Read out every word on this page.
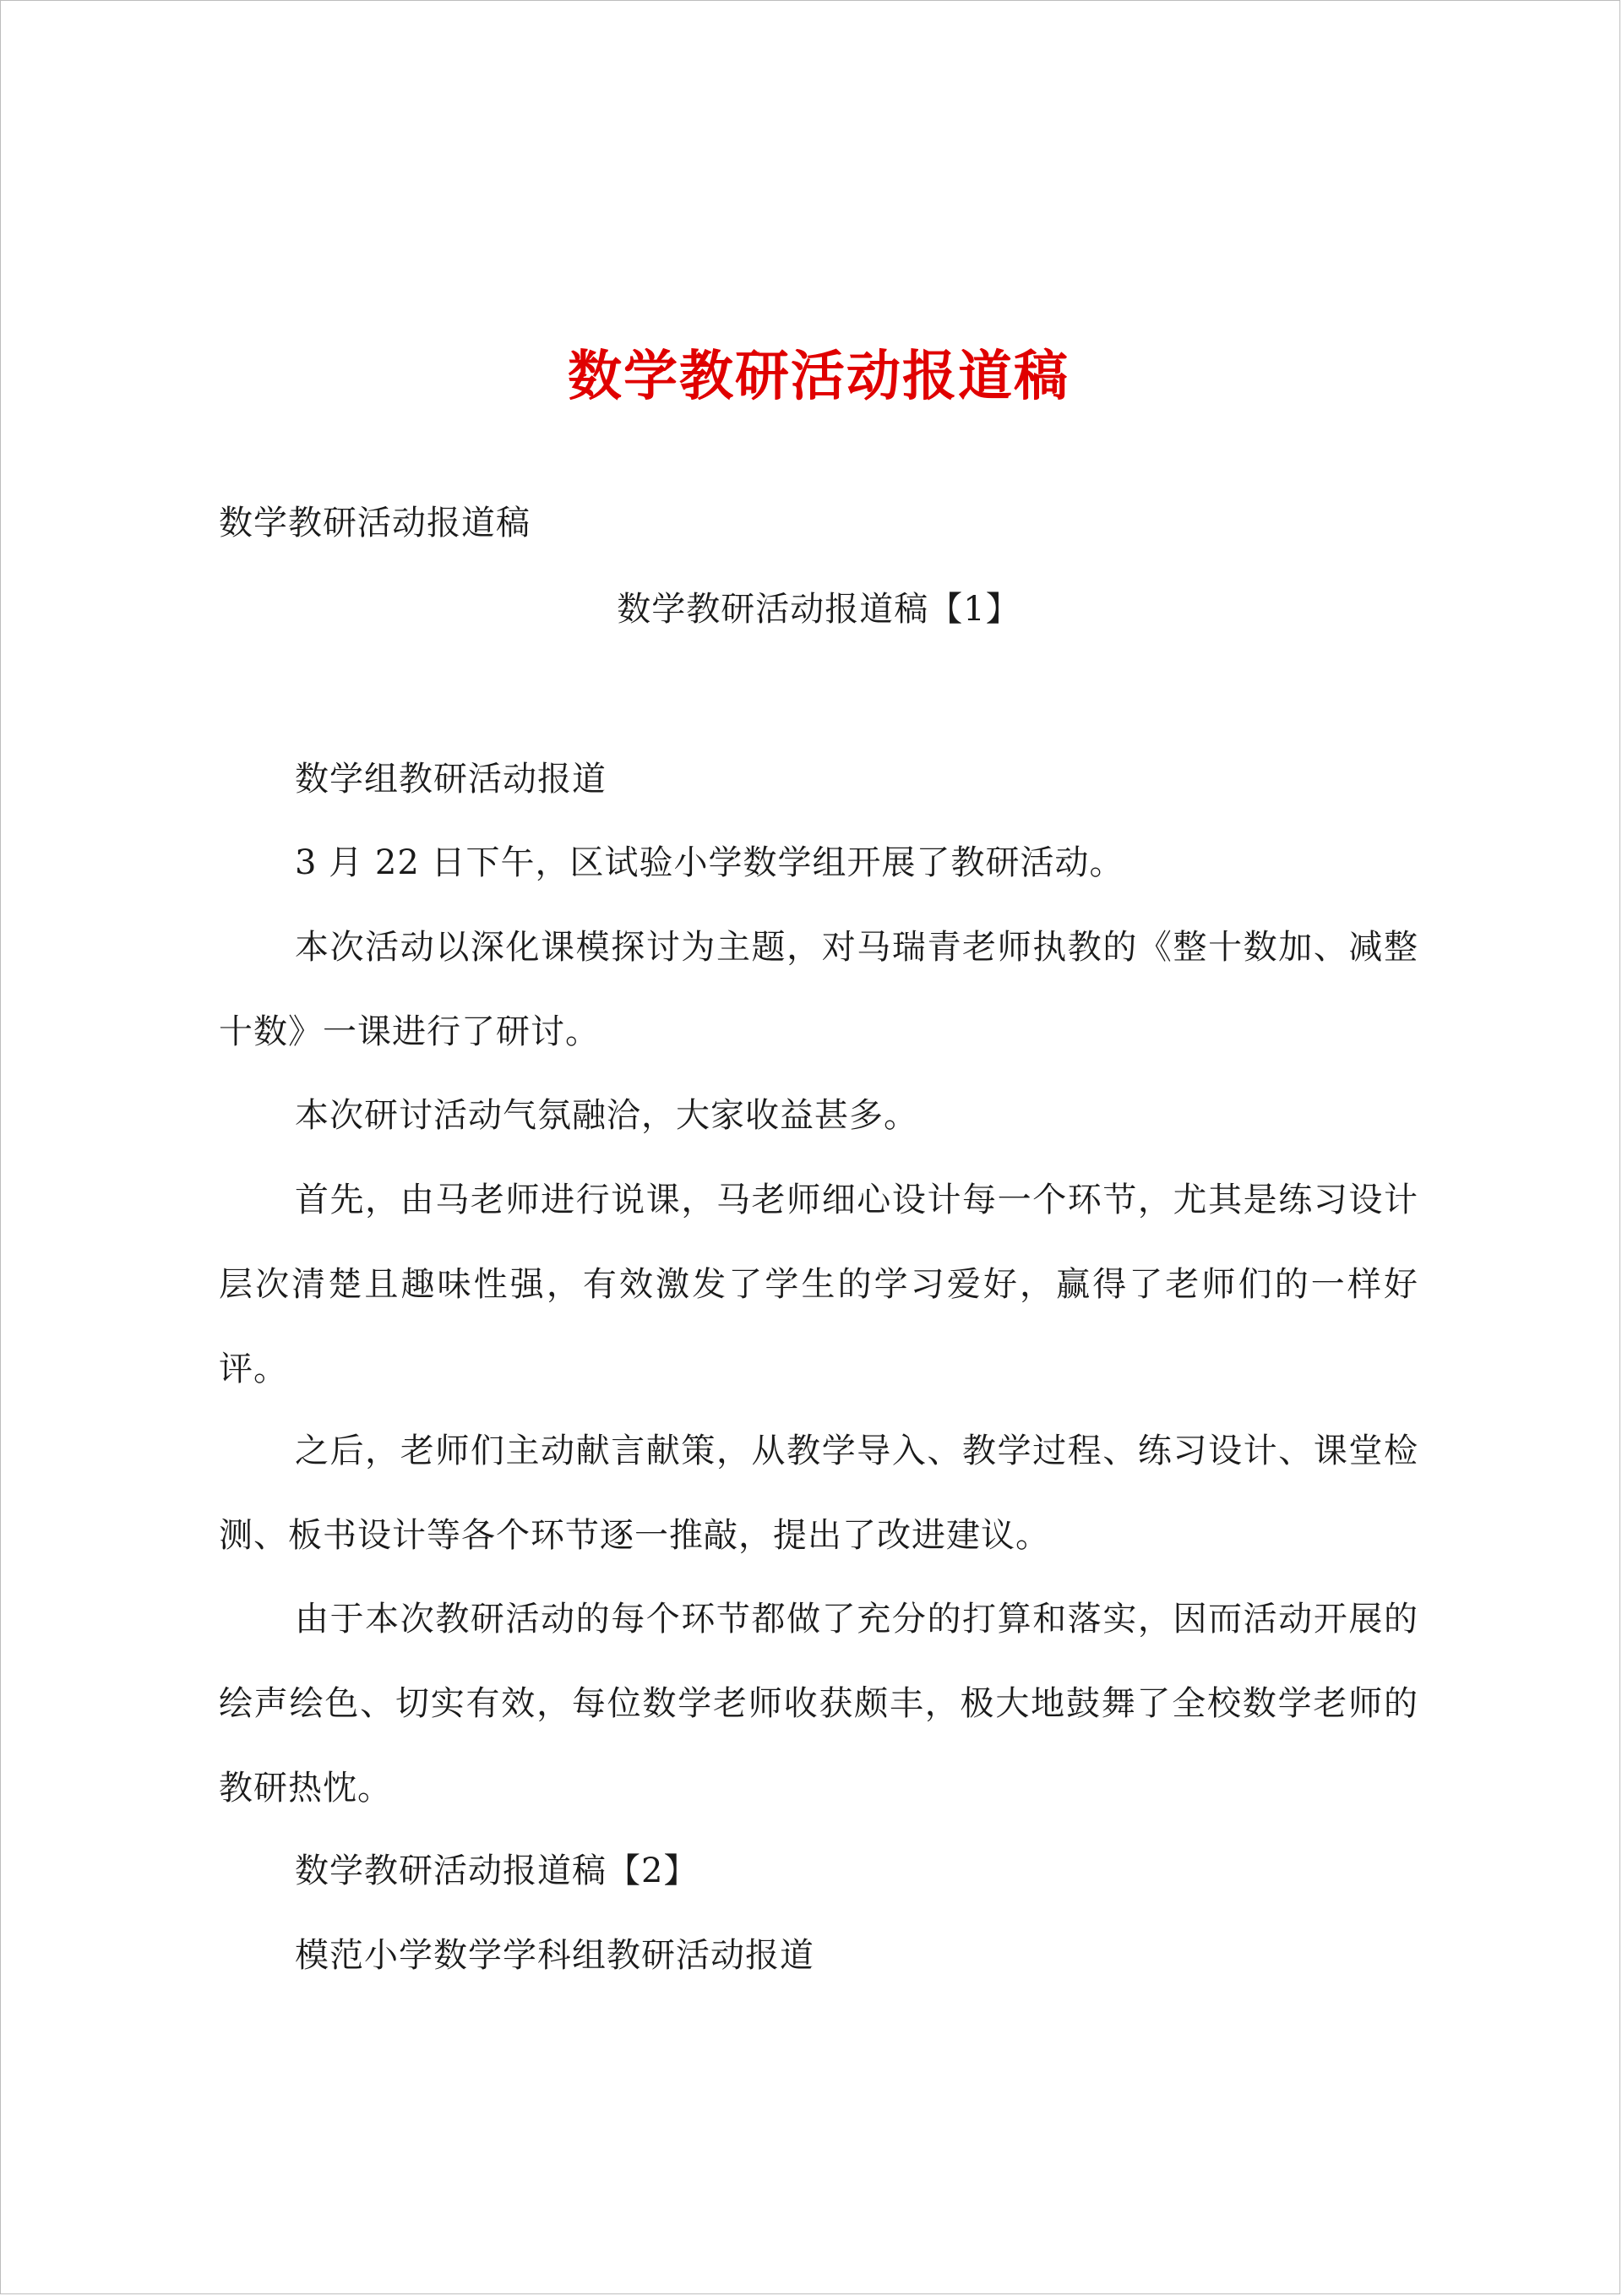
数学教研活动报道稿
数学教研活动报道稿
数学教研活动报道稿【1】

数学组教研活动报道

3 月 22 日下午，区试验小学数学组开展了教研活动。

本次活动以深化课模探讨为主题，对马瑞青老师执教的《整十数加、减整十数》一课进行了研讨。

本次研讨活动气氛融洽，大家收益甚多。

首先，由马老师进行说课，马老师细心设计每一个环节，尤其是练习设计层次清楚且趣味性强，有效激发了学生的学习爱好，赢得了老师们的一样好评。

之后，老师们主动献言献策，从教学导入、教学过程、练习设计、课堂检测、板书设计等各个环节逐一推敲，提出了改进建议。

由于本次教研活动的每个环节都做了充分的打算和落实，因而活动开展的绘声绘色、切实有效，每位数学老师收获颇丰，极大地鼓舞了全校数学老师的教研热忱。

数学教研活动报道稿【2】

模范小学数学学科组教研活动报道
